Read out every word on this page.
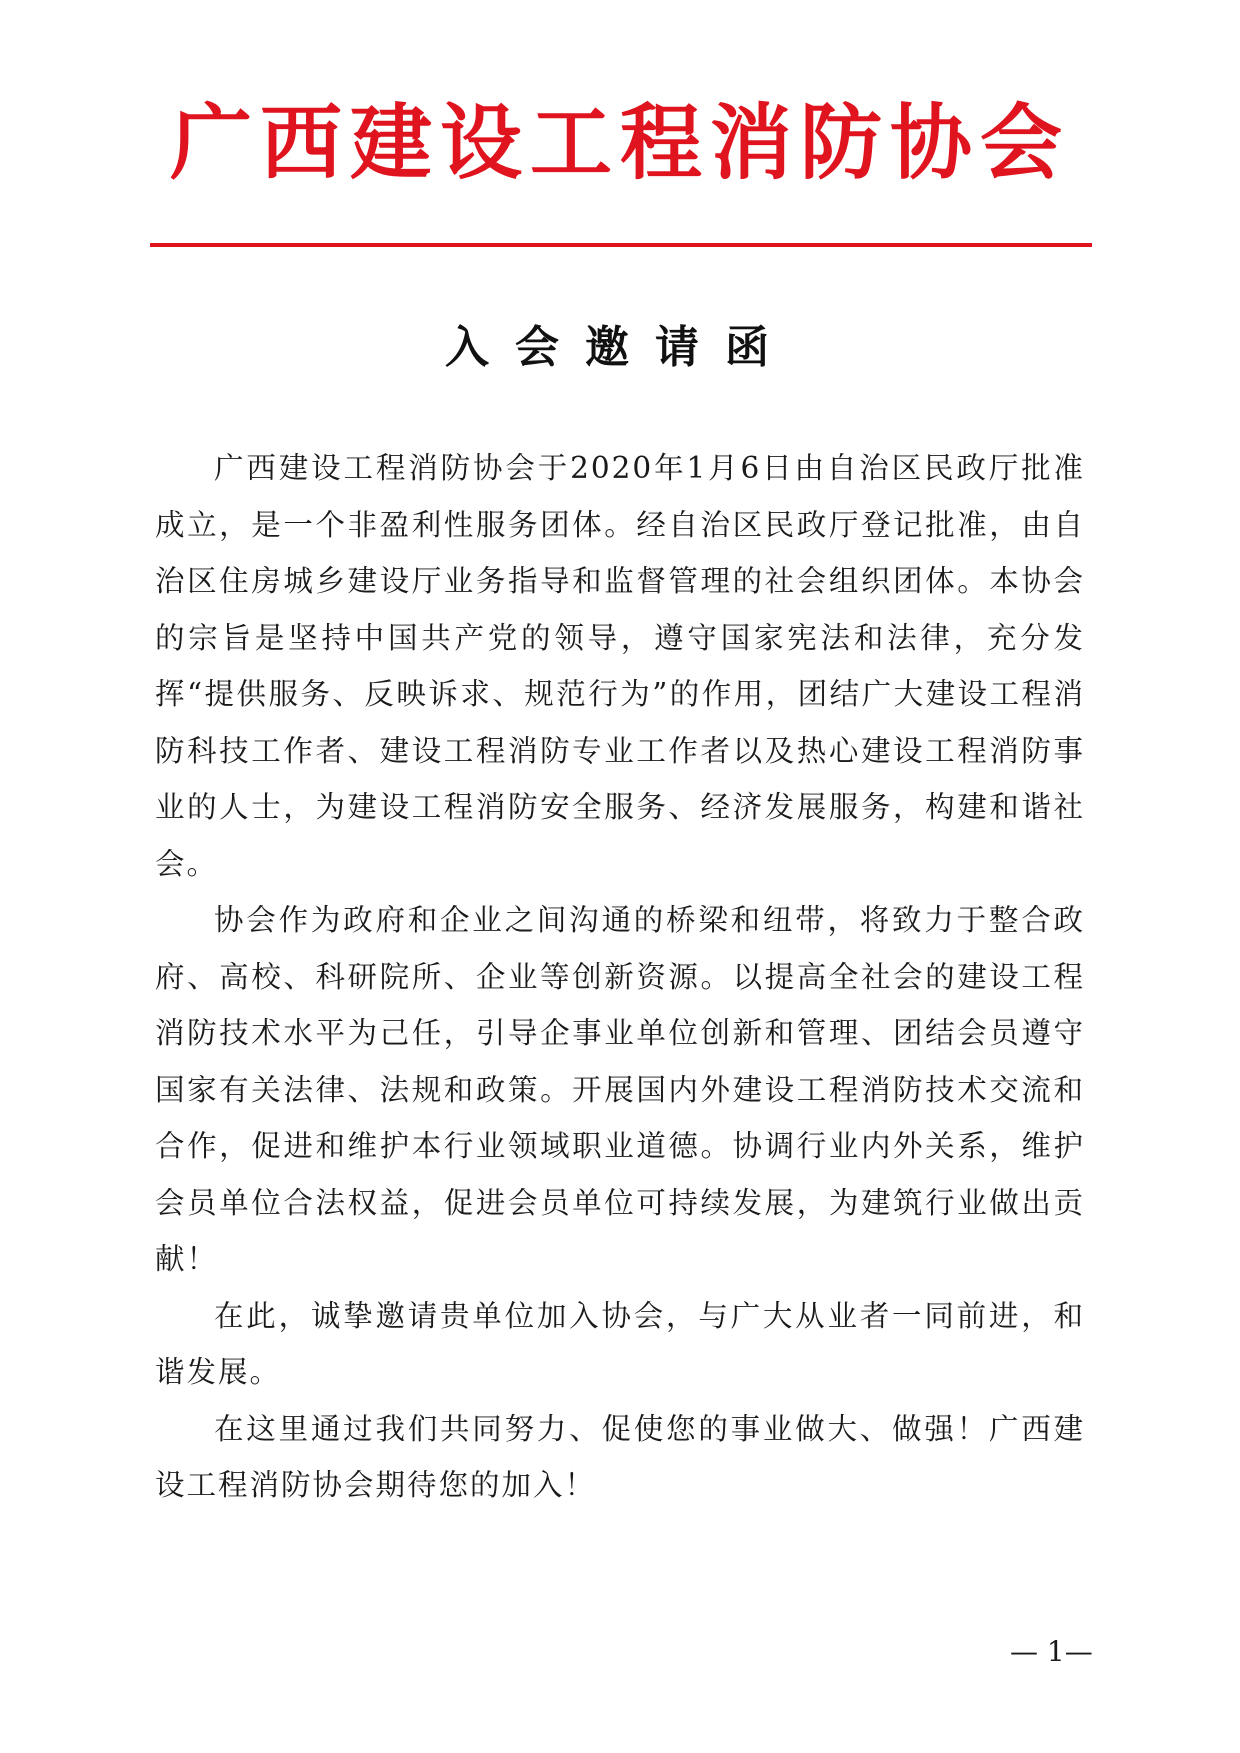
广西建设工程消防协会
入会邀请函

广西建设工程消防协会于2020年1月6日由自治区民政厅批准成立，是一个非盈利性服务团体。经自治区民政厅登记批准，由自治区住房城乡建设厅业务指导和监督管理的社会组织团体。本协会的宗旨是坚持中国共产党的领导，遵守国家宪法和法律，充分发挥“提供服务、反映诉求、规范行为”的作用，团结广大建设工程消防科技工作者、建设工程消防专业工作者以及热心建设工程消防事业的人士，为建设工程消防安全服务、经济发展服务，构建和谐社会。

协会作为政府和企业之间沟通的桥梁和纽带，将致力于整合政府、高校、科研院所、企业等创新资源。以提高全社会的建设工程消防技术水平为己任，引导企事业单位创新和管理、团结会员遵守国家有关法律、法规和政策。开展国内外建设工程消防技术交流和合作，促进和维护本行业领域职业道德。协调行业内外关系，维护会员单位合法权益，促进会员单位可持续发展，为建筑行业做出贡献！

在此，诚挚邀请贵单位加入协会，与广大从业者一同前进，和谐发展。

在这里通过我们共同努力、促使您的事业做大、做强！广西建设工程消防协会期待您的加入！

— 1—
